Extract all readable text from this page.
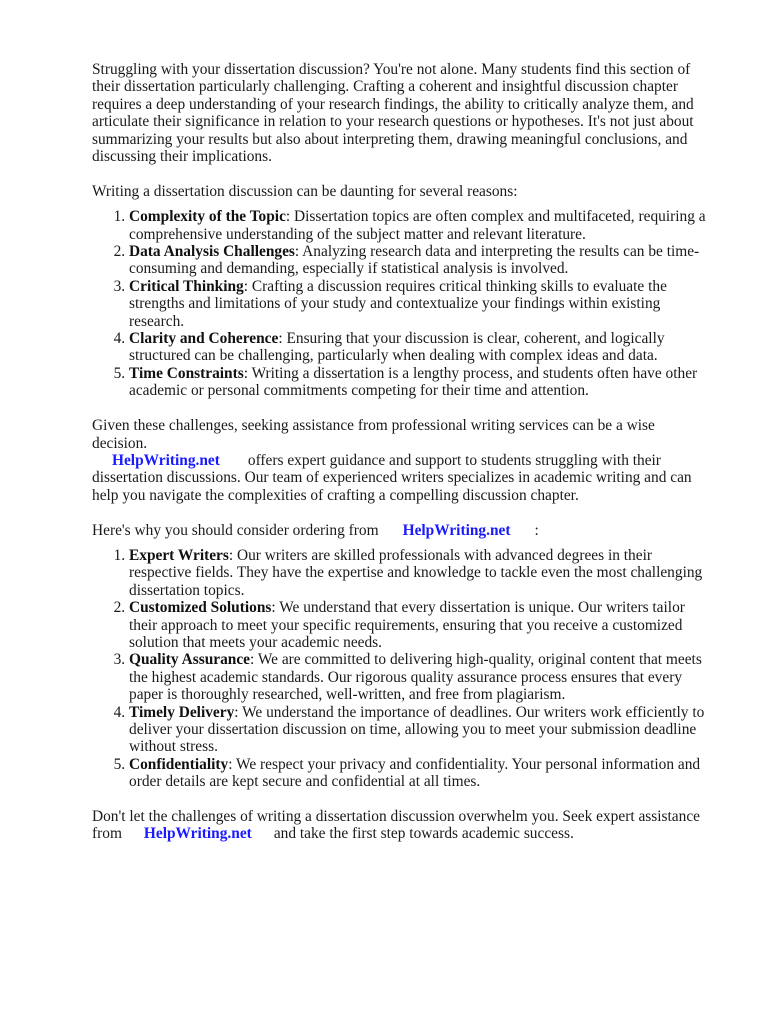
Struggling with your dissertation discussion? You're not alone. Many students find this section of their dissertation particularly challenging. Crafting a coherent and insightful discussion chapter requires a deep understanding of your research findings, the ability to critically analyze them, and articulate their significance in relation to your research questions or hypotheses. It's not just about summarizing your results but also about interpreting them, drawing meaningful conclusions, and discussing their implications.

Writing a dissertation discussion can be daunting for several reasons:

1. Complexity of the Topic: Dissertation topics are often complex and multifaceted, requiring a comprehensive understanding of the subject matter and relevant literature.
2. Data Analysis Challenges: Analyzing research data and interpreting the results can be time-consuming and demanding, especially if statistical analysis is involved.
3. Critical Thinking: Crafting a discussion requires critical thinking skills to evaluate the strengths and limitations of your study and contextualize your findings within existing research.
4. Clarity and Coherence: Ensuring that your discussion is clear, coherent, and logically structured can be challenging, particularly when dealing with complex ideas and data.
5. Time Constraints: Writing a dissertation is a lengthy process, and students often have other academic or personal commitments competing for their time and attention.

Given these challenges, seeking assistance from professional writing services can be a wise decision.
HelpWriting.net offers expert guidance and support to students struggling with their dissertation discussions. Our team of experienced writers specializes in academic writing and can help you navigate the complexities of crafting a compelling discussion chapter.

Here's why you should consider ordering from HelpWriting.net :

1. Expert Writers: Our writers are skilled professionals with advanced degrees in their respective fields. They have the expertise and knowledge to tackle even the most challenging dissertation topics.
2. Customized Solutions: We understand that every dissertation is unique. Our writers tailor their approach to meet your specific requirements, ensuring that you receive a customized solution that meets your academic needs.
3. Quality Assurance: We are committed to delivering high-quality, original content that meets the highest academic standards. Our rigorous quality assurance process ensures that every paper is thoroughly researched, well-written, and free from plagiarism.
4. Timely Delivery: We understand the importance of deadlines. Our writers work efficiently to deliver your dissertation discussion on time, allowing you to meet your submission deadline without stress.
5. Confidentiality: We respect your privacy and confidentiality. Your personal information and order details are kept secure and confidential at all times.

Don't let the challenges of writing a dissertation discussion overwhelm you. Seek expert assistance from HelpWriting.net and take the first step towards academic success.
